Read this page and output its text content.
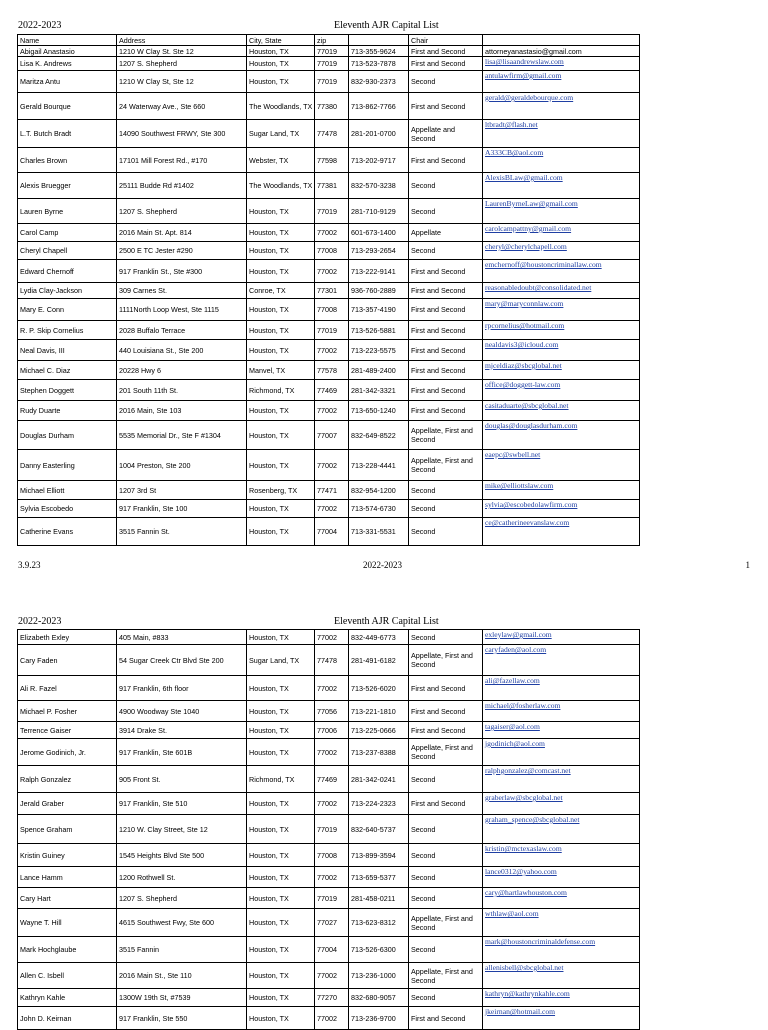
2022-2023	Eleventh AJR Capital List
Name	Address	City, State	zip		Chair	
Abigail Anastasio	1210 W Clay St. Ste 12	Houston, TX	77019	713-355-9624	First and Second	attorneyanastasio@gmail.com
Lisa K. Andrews	1207 S. Shepherd	Houston, TX	77019	713-523-7878	First and Second	lisa@lisaandrewslaw.com
Maritza Antu	1210 W Clay St, Ste 12	Houston, TX	77019	832-930-2373	Second	antulawfirm@gmail.com
Gerald Bourque	24 Waterway Ave., Ste 660	The Woodlands, TX	77380	713-862-7766	First and Second	gerald@geraldebourque.com
L.T. Butch Bradt	14090 Southwest FRWY, Ste 300	Sugar Land, TX	77478	281-201-0700	Appellate and Second	ltbradt@flash.net
Charles Brown	17101 Mill Forest Rd., #170	Webster, TX	77598	713-202-9717	First and Second	A333CB@aol.com
Alexis Bruegger	25111 Budde Rd #1402	The Woodlands, TX	77381	832-570-3238	Second	AlexisBLaw@gmail.com
Lauren Byrne	1207 S. Shepherd	Houston, TX	77019	281-710-9129	Second	LaurenByrneLaw@gmail.com
Carol Camp	2016 Main St. Apt. 814	Houston, TX	77002	601-673-1400	Appellate	carolcampattny@gmail.com
Cheryl Chapell	2500 E TC Jester #290	Houston, TX	77008	713-293-2654	Second	cheryl@cherylchapell.com
Edward Chernoff	917 Franklin St., Ste #300	Houston, TX	77002	713-222-9141	First and Second	emchernoff@houstoncriminallaw.com
Lydia Clay-Jackson	309 Carnes St.	Conroe, TX	77301	936-760-2889	First and Second	reasonabledoubt@consolidated.net
Mary E. Conn	1111North Loop West, Ste 1115	Houston, TX	77008	713-357-4190	First and Second	mary@maryconnlaw.com
R. P. Skip Cornelius	2028 Buffalo Terrace	Houston, TX	77019	713-526-5881	First and Second	rpcornelius@hotmail.com
Neal Davis, III	440 Louisiana St., Ste 200	Houston, TX	77002	713-223-5575	First and Second	nealdavis3@icloud.com
Michael C. Diaz	20228 Hwy 6	Manvel, TX	77578	281-489-2400	First and Second	mjceldiaz@sbcglobal.net
Stephen Doggett	201 South 11th St.	Richmond, TX	77469	281-342-3321	First and Second	office@doggett-law.com
Rudy Duarte	2016 Main, Ste 103	Houston, TX	77002	713-650-1240	First and Second	casitaduarte@sbcglobal.net
Douglas Durham	5535 Memorial Dr., Ste F #1304	Houston, TX	77007	832-649-8522	Appellate, First and Second	douglas@douglasdurham.com
Danny Easterling	1004 Preston, Ste 200	Houston, TX	77002	713-228-4441	Appellate, First and Second	eaepc@swbell.net
Michael Elliott	1207 3rd St	Rosenberg, TX	77471	832-954-1200	Second	mike@elliottslaw.com
Sylvia Escobedo	917 Franklin, Ste 100	Houston, TX	77002	713-574-6730	Second	sylvia@escobedolawfirm.com
Catherine Evans	3515 Fannin St.	Houston, TX	77004	713-331-5531	Second	ce@catherineevanslaw.com
3.9.23	2022-2023	1
2022-2023	Eleventh AJR Capital List
Elizabeth Exley	405 Main, #833	Houston, TX	77002	832-449-6773	Second	exleylaw@gmail.com
Cary Faden	54 Sugar Creek Ctr Blvd Ste 200	Sugar Land, TX	77478	281-491-6182	Appellate, First and Second	caryfaden@aol.com
Ali R. Fazel	917 Franklin, 6th floor	Houston, TX	77002	713-526-6020	First and Second	ali@fazellaw.com
Michael P. Fosher	4900 Woodway Ste 1040	Houston, TX	77056	713-221-1810	First and Second	michael@fosherlaw.com
Terrence Gaiser	3914 Drake St.	Houston, TX	77006	713-225-0666	First and Second	tagaiser@aol.com
Jerome Godinich, Jr.	917 Franklin, Ste 601B	Houston, TX	77002	713-237-8388	Appellate, First and Second	jgodinich@aol.com
Ralph Gonzalez	905 Front St.	Richmond, TX	77469	281-342-0241	Second	ralphgonzalez@comcast.net
Jerald Graber	917 Franklin, Ste 510	Houston, TX	77002	713-224-2323	First and Second	graberlaw@sbcglobal.net
Spence Graham	1210 W. Clay Street, Ste 12	Houston, TX	77019	832-640-5737	Second	graham_spence@sbcglobal.net
Kristin Guiney	1545 Heights Blvd Ste 500	Houston, TX	77008	713-899-3594	Second	kristin@mctexaslaw.com
Lance Hamm	1200 Rothwell St.	Houston, TX	77002	713-659-5377	Second	lance0312@yahoo.com
Cary Hart	1207 S. Shepherd	Houston, TX	77019	281-458-0211	Second	cary@hartlawhouston.com
Wayne T. Hill	4615 Southwest Fwy, Ste 600	Houston, TX	77027	713-623-8312	Appellate, First and Second	wthlaw@aol.com
Mark Hochglaube	3515 Fannin	Houston, TX	77004	713-526-6300	Second	mark@houstoncriminaldefense.com
Allen C. Isbell	2016 Main St., Ste 110	Houston, TX	77002	713-236-1000	Appellate, First and Second	allenisbell@sbcglobal.net
Kathryn Kahle	1300W 19th St, #7539	Houston, TX	77270	832-680-9057	Second	kathryn@kathrynkahle.com
John D. Keirnan	917 Franklin, Ste 550	Houston, TX	77002	713-236-9700	First and Second	jkeirnan@hotmail.com
